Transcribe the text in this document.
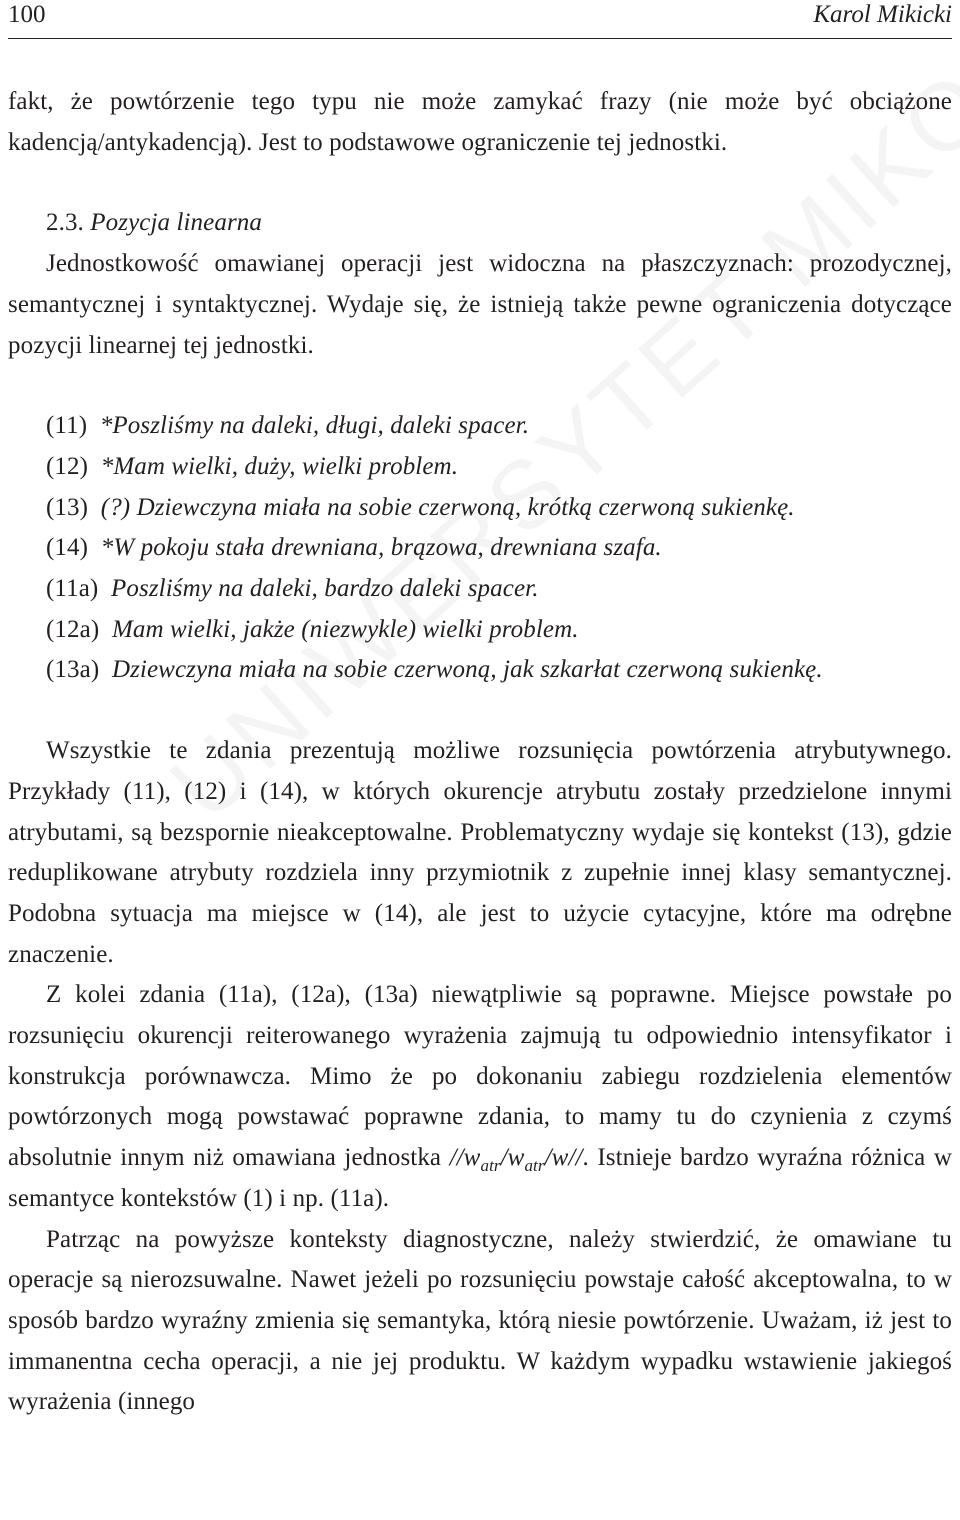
100	Karol Mikicki

fakt, że powtórzenie tego typu nie może zamykać frazy (nie może być obciążone kadencją/antykadencją). Jest to podstawowe ograniczenie tej jednostki.

2.3. Pozycja linearna

Jednostkowość omawianej operacji jest widoczna na płaszczyznach: prozodycznej, semantycznej i syntaktycznej. Wydaje się, że istnieją także pewne ograniczenia dotyczące pozycji linearnej tej jednostki.

(11) *Poszliśmy na daleki, długi, daleki spacer.

(12) *Mam wielki, duży, wielki problem.

(13) (?) Dziewczyna miała na sobie czerwoną, krótką czerwoną sukienkę.

(14) *W pokoju stała drewniana, brązowa, drewniana szafa.

(11a) Poszliśmy na daleki, bardzo daleki spacer.

(12a) Mam wielki, jakże (niezwykle) wielki problem.

(13a) Dziewczyna miała na sobie czerwoną, jak szkarłat czerwoną sukienkę.

Wszystkie te zdania prezentują możliwe rozsunięcia powtórzenia atrybutywnego. Przykłady (11), (12) i (14), w których okurencje atrybutu zostały przedzielone innymi atrybutami, są bezspornie nieakceptowalne. Problematyczny wydaje się kontekst (13), gdzie reduplikowane atrybuty rozdziela inny przymiotnik z zupełnie innej klasy semantycznej. Podobna sytuacja ma miejsce w (14), ale jest to użycie cytacyjne, które ma odrębne znaczenie.

Z kolei zdania (11a), (12a), (13a) niewątpliwie są poprawne. Miejsce powstałe po rozsunięciu okurencji reiterowanego wyrażenia zajmują tu odpowiednio intensyfikator i konstrukcja porównawcza. Mimo że po dokonaniu zabiegu rozdzielenia elementów powtórzonych mogą powstawać poprawne zdania, to mamy tu do czynienia z czymś absolutnie innym niż omawiana jednostka $//w_{atr}/w_{atr}/w//$. Istnieje bardzo wyraźna różnica w semantyce kontekstów (1) i np. (11a).

Patrząc na powyższe konteksty diagnostyczne, należy stwierdzić, że omawiane tu operacje są nierozsuwalne. Nawet jeżeli po rozsunięciu powstaje całość akceptowalna, to w sposób bardzo wyraźny zmienia się semantyka, którą niesie powtórzenie. Uważam, iż jest to immanentna cecha operacji, a nie jej produktu. W każdym wypadku wstawienie jakiegoś wyrażenia (innego
